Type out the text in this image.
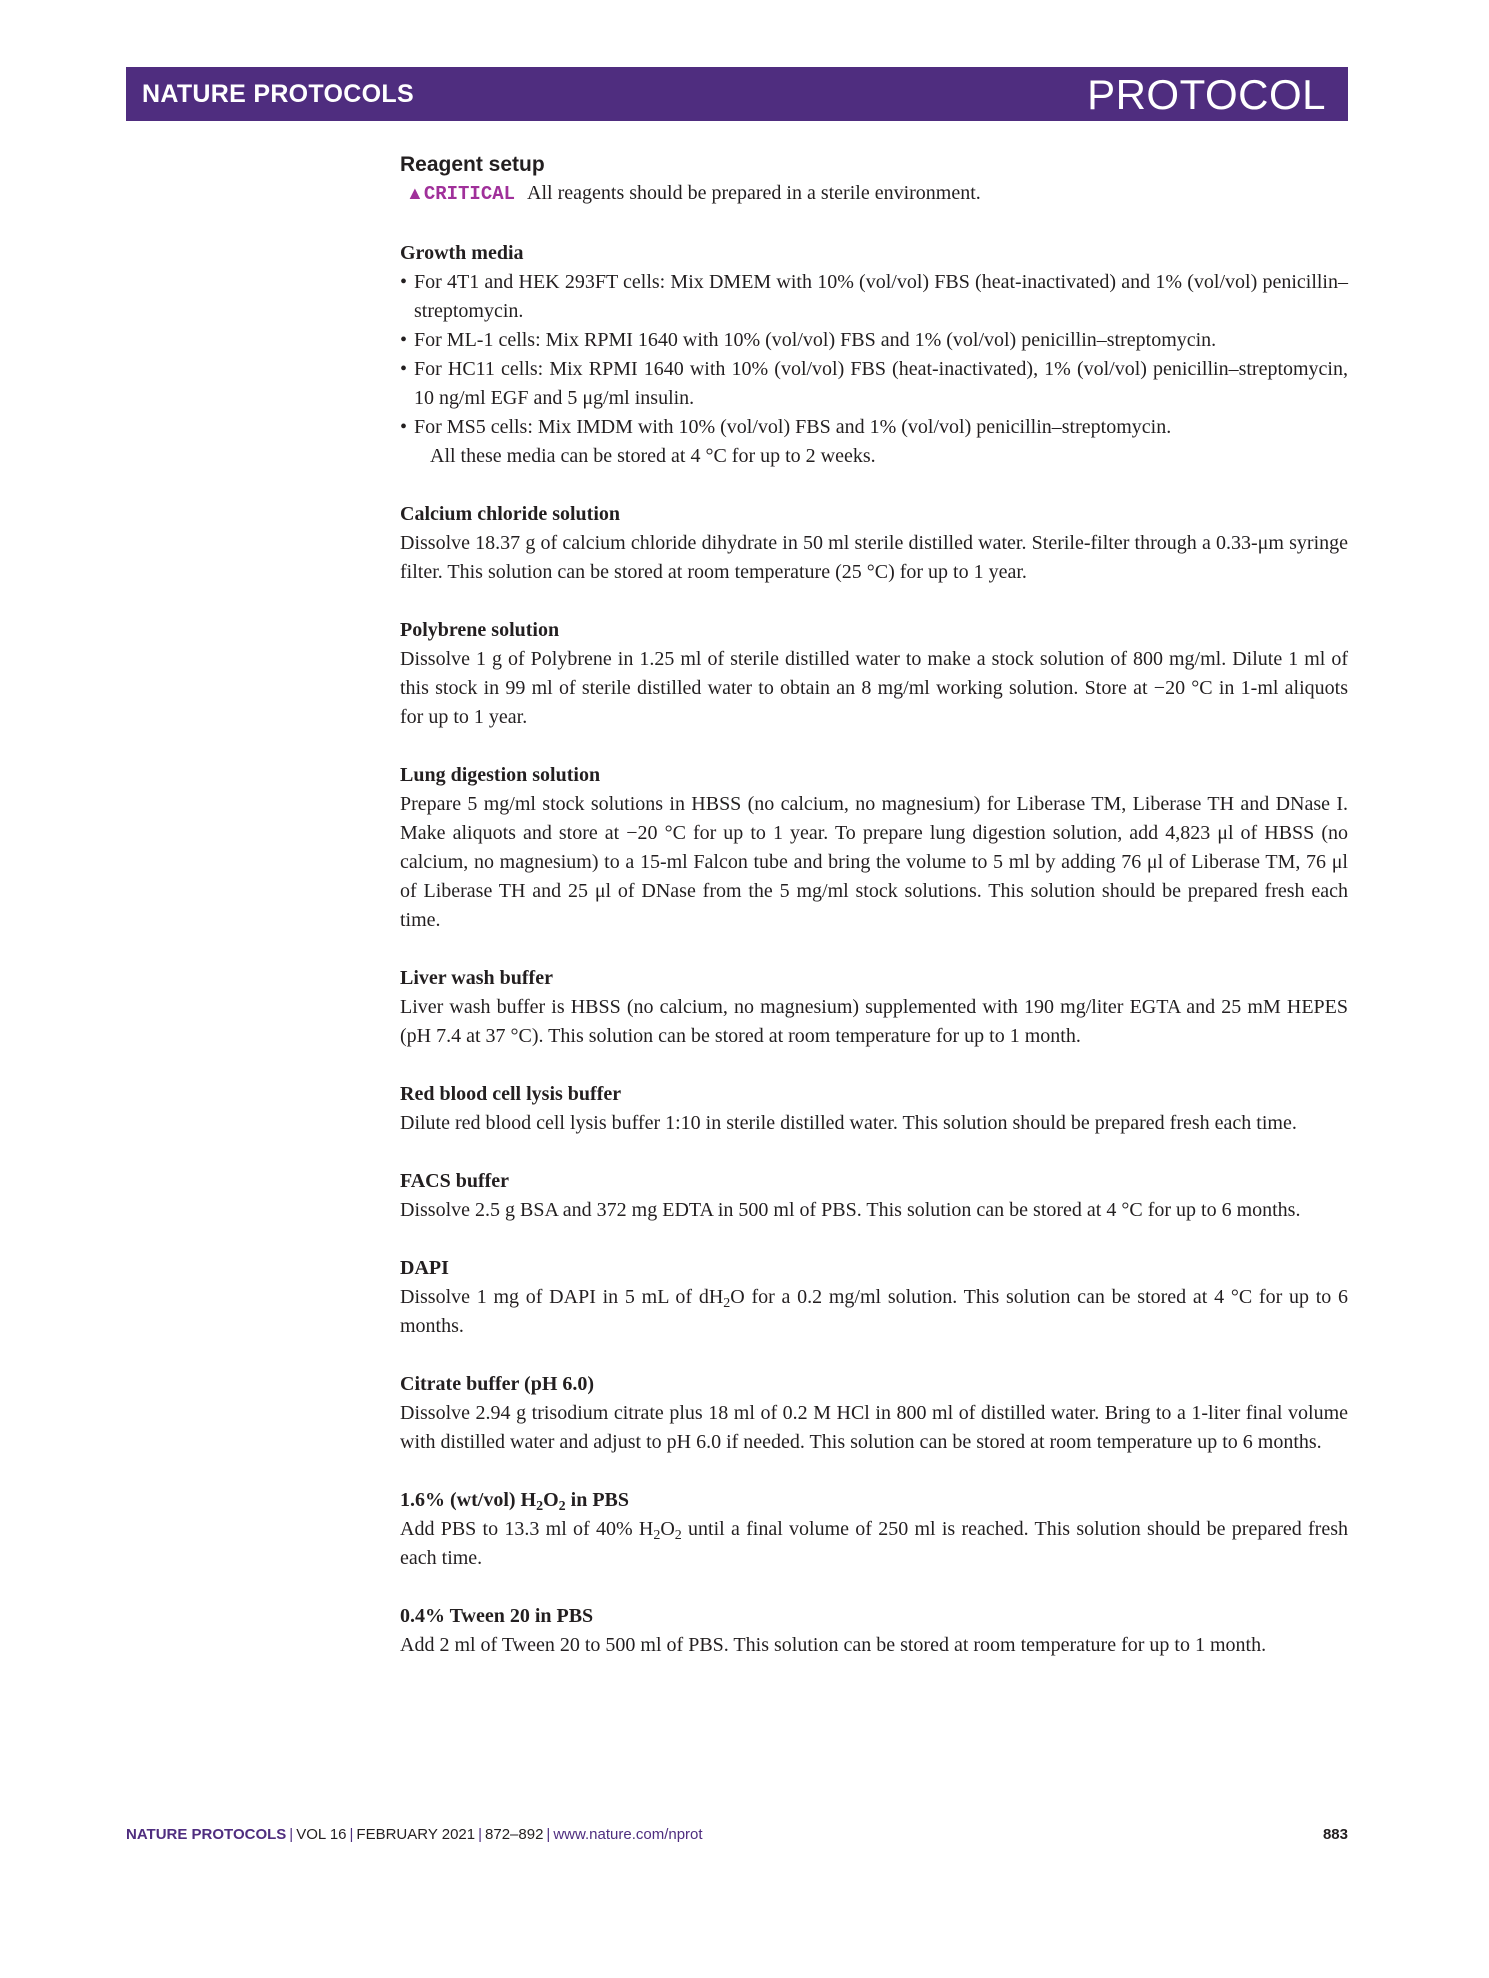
NATURE PROTOCOLS	PROTOCOL

Reagent setup

▲CRITICAL All reagents should be prepared in a sterile environment.

Growth media

• For 4T1 and HEK 293FT cells: Mix DMEM with 10% (vol/vol) FBS (heat-inactivated) and 1% (vol/vol) penicillin–streptomycin.
• For ML-1 cells: Mix RPMI 1640 with 10% (vol/vol) FBS and 1% (vol/vol) penicillin–streptomycin.
• For HC11 cells: Mix RPMI 1640 with 10% (vol/vol) FBS (heat-inactivated), 1% (vol/vol) penicillin–streptomycin, 10 ng/ml EGF and 5 μg/ml insulin.
• For MS5 cells: Mix IMDM with 10% (vol/vol) FBS and 1% (vol/vol) penicillin–streptomycin.

All these media can be stored at 4 °C for up to 2 weeks.

Calcium chloride solution

Dissolve 18.37 g of calcium chloride dihydrate in 50 ml sterile distilled water. Sterile-filter through a 0.33-μm syringe filter. This solution can be stored at room temperature (25 °C) for up to 1 year.

Polybrene solution

Dissolve 1 g of Polybrene in 1.25 ml of sterile distilled water to make a stock solution of 800 mg/ml. Dilute 1 ml of this stock in 99 ml of sterile distilled water to obtain an 8 mg/ml working solution. Store at −20 °C in 1-ml aliquots for up to 1 year.

Lung digestion solution

Prepare 5 mg/ml stock solutions in HBSS (no calcium, no magnesium) for Liberase TM, Liberase TH and DNase I. Make aliquots and store at −20 °C for up to 1 year. To prepare lung digestion solution, add 4,823 μl of HBSS (no calcium, no magnesium) to a 15-ml Falcon tube and bring the volume to 5 ml by adding 76 μl of Liberase TM, 76 μl of Liberase TH and 25 μl of DNase from the 5 mg/ml stock solutions. This solution should be prepared fresh each time.

Liver wash buffer

Liver wash buffer is HBSS (no calcium, no magnesium) supplemented with 190 mg/liter EGTA and 25 mM HEPES (pH 7.4 at 37 °C). This solution can be stored at room temperature for up to 1 month.

Red blood cell lysis buffer

Dilute red blood cell lysis buffer 1:10 in sterile distilled water. This solution should be prepared fresh each time.

FACS buffer

Dissolve 2.5 g BSA and 372 mg EDTA in 500 ml of PBS. This solution can be stored at 4 °C for up to 6 months.

DAPI

Dissolve 1 mg of DAPI in 5 mL of $dH_2O$ for a 0.2 mg/ml solution. This solution can be stored at 4 °C for up to 6 months.

Citrate buffer (pH 6.0)

Dissolve 2.94 g trisodium citrate plus 18 ml of 0.2 M HCl in 800 ml of distilled water. Bring to a 1-liter final volume with distilled water and adjust to pH 6.0 if needed. This solution can be stored at room temperature up to 6 months.

1.6% (wt/vol) $H_2O_2$ in PBS

Add PBS to 13.3 ml of 40% $H_2O_2$ until a final volume of 250 ml is reached. This solution should be prepared fresh each time.

0.4% Tween 20 in PBS

Add 2 ml of Tween 20 to 500 ml of PBS. This solution can be stored at room temperature for up to 1 month.

NATURE PROTOCOLS | VOL 16 | FEBRUARY 2021 | 872–892 | www.nature.com/nprot	883
